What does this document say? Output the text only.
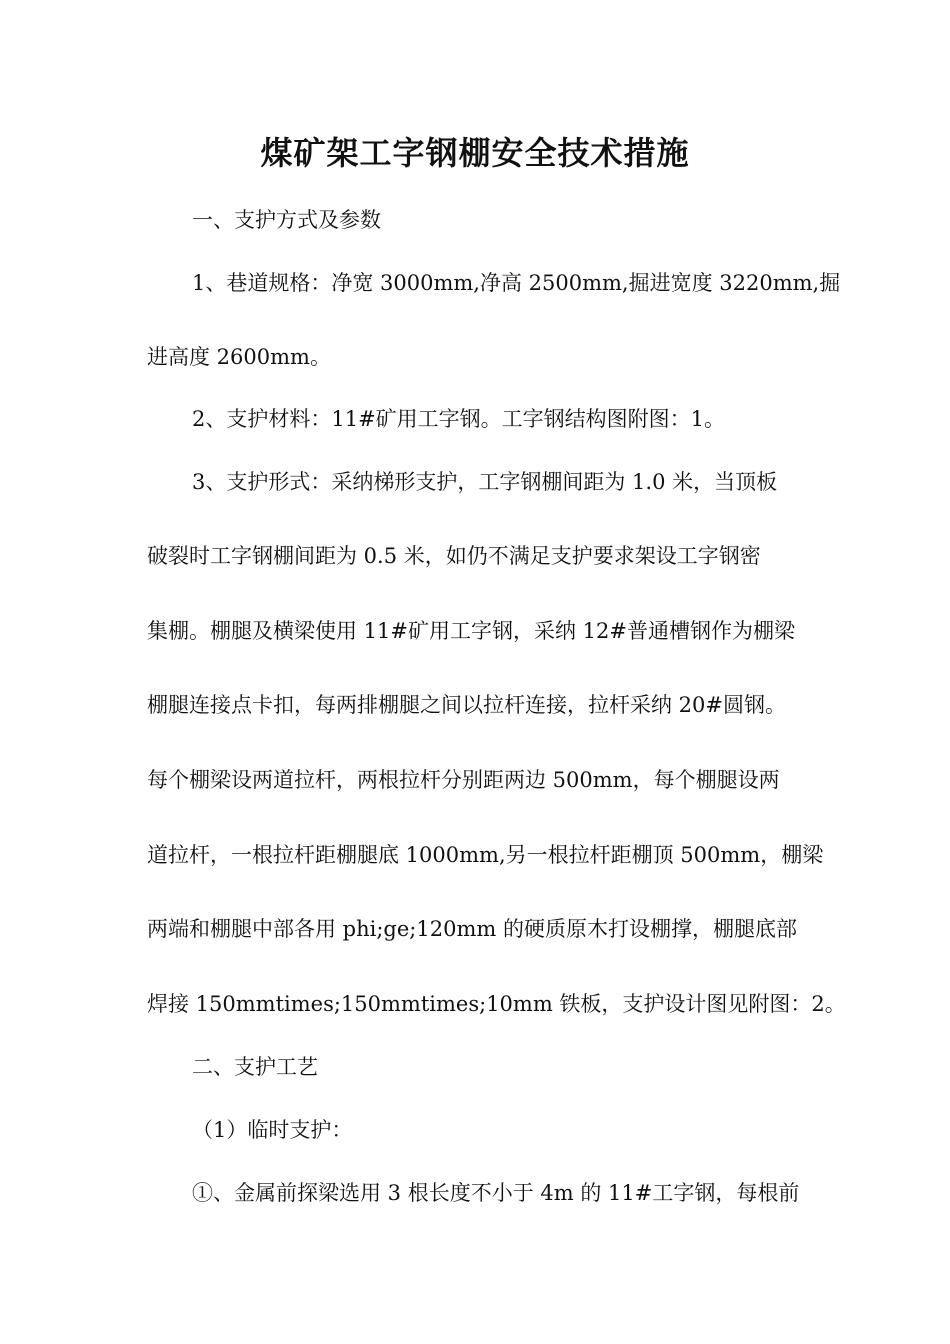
煤矿架工字钢棚安全技术措施
一、支护方式及参数
1、巷道规格：净宽 3000mm,净高 2500mm,掘进宽度 3220mm,掘
进高度 2600mm。
2、支护材料：11#矿用工字钢。工字钢结构图附图：1。
3、支护形式：采纳梯形支护，工字钢棚间距为 1.0 米，当顶板
破裂时工字钢棚间距为 0.5 米，如仍不满足支护要求架设工字钢密
集棚。棚腿及横梁使用 11#矿用工字钢，采纳 12#普通槽钢作为棚梁
棚腿连接点卡扣，每两排棚腿之间以拉杆连接，拉杆采纳 20#圆钢。
每个棚梁设两道拉杆，两根拉杆分别距两边 500mm，每个棚腿设两
道拉杆，一根拉杆距棚腿底 1000mm,另一根拉杆距棚顶 500mm，棚梁
两端和棚腿中部各用 phi;ge;120mm 的硬质原木打设棚撑，棚腿底部
焊接 150mmtimes;150mmtimes;10mm 铁板，支护设计图见附图：2。
二、支护工艺
（1）临时支护：
①、金属前探梁选用 3 根长度不小于 4m 的 11#工字钢，每根前
